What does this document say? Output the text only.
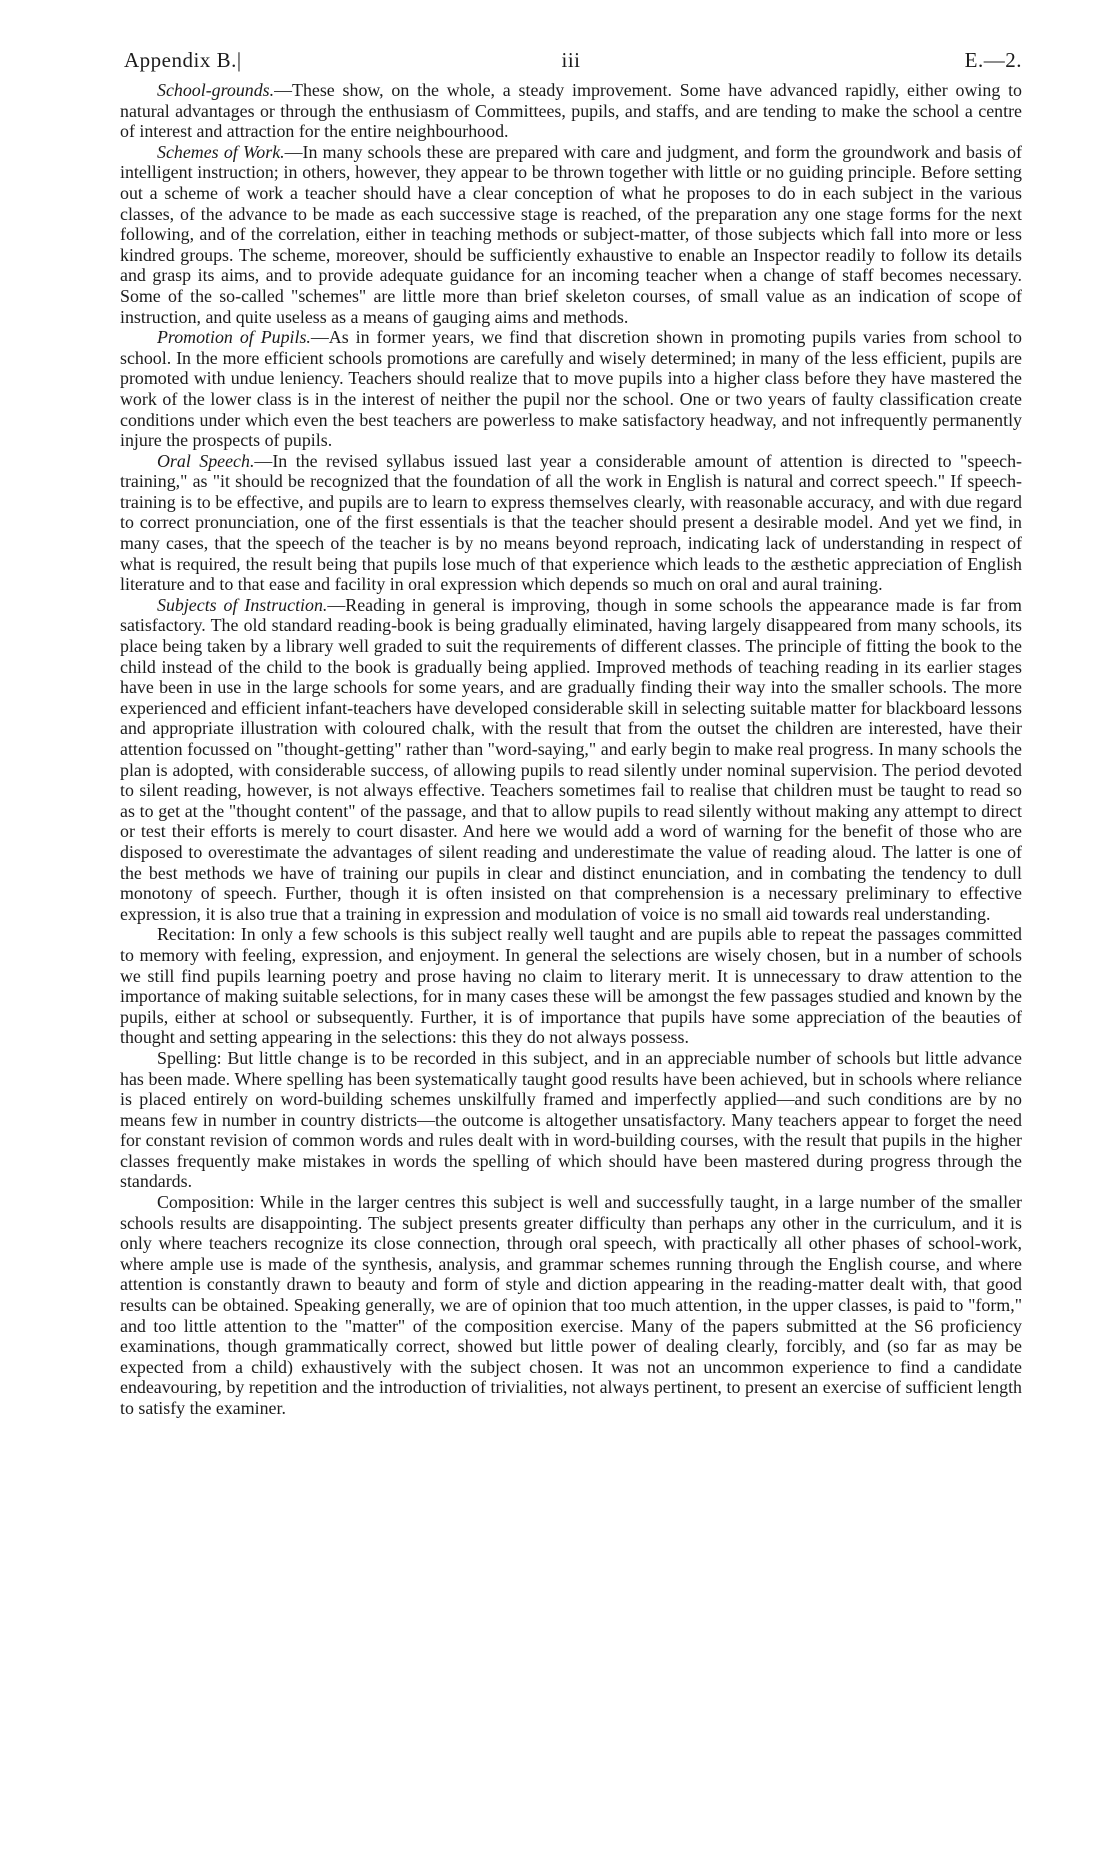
Appendix B.|	iii	E.—2.

School-grounds.—These show, on the whole, a steady improvement. Some have advanced rapidly, either owing to natural advantages or through the enthusiasm of Committees, pupils, and staffs, and are tending to make the school a centre of interest and attraction for the entire neighbourhood.

Schemes of Work.—In many schools these are prepared with care and judgment, and form the groundwork and basis of intelligent instruction; in others, however, they appear to be thrown together with little or no guiding principle. Before setting out a scheme of work a teacher should have a clear conception of what he proposes to do in each subject in the various classes, of the advance to be made as each successive stage is reached, of the preparation any one stage forms for the next following, and of the correlation, either in teaching methods or subject-matter, of those subjects which fall into more or less kindred groups. The scheme, moreover, should be sufficiently exhaustive to enable an Inspector readily to follow its details and grasp its aims, and to provide adequate guidance for an incoming teacher when a change of staff becomes necessary. Some of the so-called "schemes" are little more than brief skeleton courses, of small value as an indication of scope of instruction, and quite useless as a means of gauging aims and methods.

Promotion of Pupils.—As in former years, we find that discretion shown in promoting pupils varies from school to school. In the more efficient schools promotions are carefully and wisely determined; in many of the less efficient, pupils are promoted with undue leniency. Teachers should realize that to move pupils into a higher class before they have mastered the work of the lower class is in the interest of neither the pupil nor the school. One or two years of faulty classification create conditions under which even the best teachers are powerless to make satisfactory headway, and not infrequently permanently injure the prospects of pupils.

Oral Speech.—In the revised syllabus issued last year a considerable amount of attention is directed to "speech-training," as "it should be recognized that the foundation of all the work in English is natural and correct speech." If speech-training is to be effective, and pupils are to learn to express themselves clearly, with reasonable accuracy, and with due regard to correct pronunciation, one of the first essentials is that the teacher should present a desirable model. And yet we find, in many cases, that the speech of the teacher is by no means beyond reproach, indicating lack of understanding in respect of what is required, the result being that pupils lose much of that experience which leads to the æsthetic appreciation of English literature and to that ease and facility in oral expression which depends so much on oral and aural training.

Subjects of Instruction.—Reading in general is improving, though in some schools the appearance made is far from satisfactory. The old standard reading-book is being gradually eliminated, having largely disappeared from many schools, its place being taken by a library well graded to suit the requirements of different classes. The principle of fitting the book to the child instead of the child to the book is gradually being applied. Improved methods of teaching reading in its earlier stages have been in use in the large schools for some years, and are gradually finding their way into the smaller schools. The more experienced and efficient infant-teachers have developed considerable skill in selecting suitable matter for blackboard lessons and appropriate illustration with coloured chalk, with the result that from the outset the children are interested, have their attention focussed on "thought-getting" rather than "word-saying," and early begin to make real progress. In many schools the plan is adopted, with considerable success, of allowing pupils to read silently under nominal supervision. The period devoted to silent reading, however, is not always effective. Teachers sometimes fail to realise that children must be taught to read so as to get at the "thought content" of the passage, and that to allow pupils to read silently without making any attempt to direct or test their efforts is merely to court disaster. And here we would add a word of warning for the benefit of those who are disposed to overestimate the advantages of silent reading and underestimate the value of reading aloud. The latter is one of the best methods we have of training our pupils in clear and distinct enunciation, and in combating the tendency to dull monotony of speech. Further, though it is often insisted on that comprehension is a necessary preliminary to effective expression, it is also true that a training in expression and modulation of voice is no small aid towards real understanding.

Recitation: In only a few schools is this subject really well taught and are pupils able to repeat the passages committed to memory with feeling, expression, and enjoyment. In general the selections are wisely chosen, but in a number of schools we still find pupils learning poetry and prose having no claim to literary merit. It is unnecessary to draw attention to the importance of making suitable selections, for in many cases these will be amongst the few passages studied and known by the pupils, either at school or subsequently. Further, it is of importance that pupils have some appreciation of the beauties of thought and setting appearing in the selections: this they do not always possess.

Spelling: But little change is to be recorded in this subject, and in an appreciable number of schools but little advance has been made. Where spelling has been systematically taught good results have been achieved, but in schools where reliance is placed entirely on word-building schemes unskilfully framed and imperfectly applied—and such conditions are by no means few in number in country districts—the outcome is altogether unsatisfactory. Many teachers appear to forget the need for constant revision of common words and rules dealt with in word-building courses, with the result that pupils in the higher classes frequently make mistakes in words the spelling of which should have been mastered during progress through the standards.

Composition: While in the larger centres this subject is well and successfully taught, in a large number of the smaller schools results are disappointing. The subject presents greater difficulty than perhaps any other in the curriculum, and it is only where teachers recognize its close connection, through oral speech, with practically all other phases of school-work, where ample use is made of the synthesis, analysis, and grammar schemes running through the English course, and where attention is constantly drawn to beauty and form of style and diction appearing in the reading-matter dealt with, that good results can be obtained. Speaking generally, we are of opinion that too much attention, in the upper classes, is paid to "form," and too little attention to the "matter" of the composition exercise. Many of the papers submitted at the S6 proficiency examinations, though grammatically correct, showed but little power of dealing clearly, forcibly, and (so far as may be expected from a child) exhaustively with the subject chosen. It was not an uncommon experience to find a candidate endeavouring, by repetition and the introduction of trivialities, not always pertinent, to present an exercise of sufficient length to satisfy the examiner.
